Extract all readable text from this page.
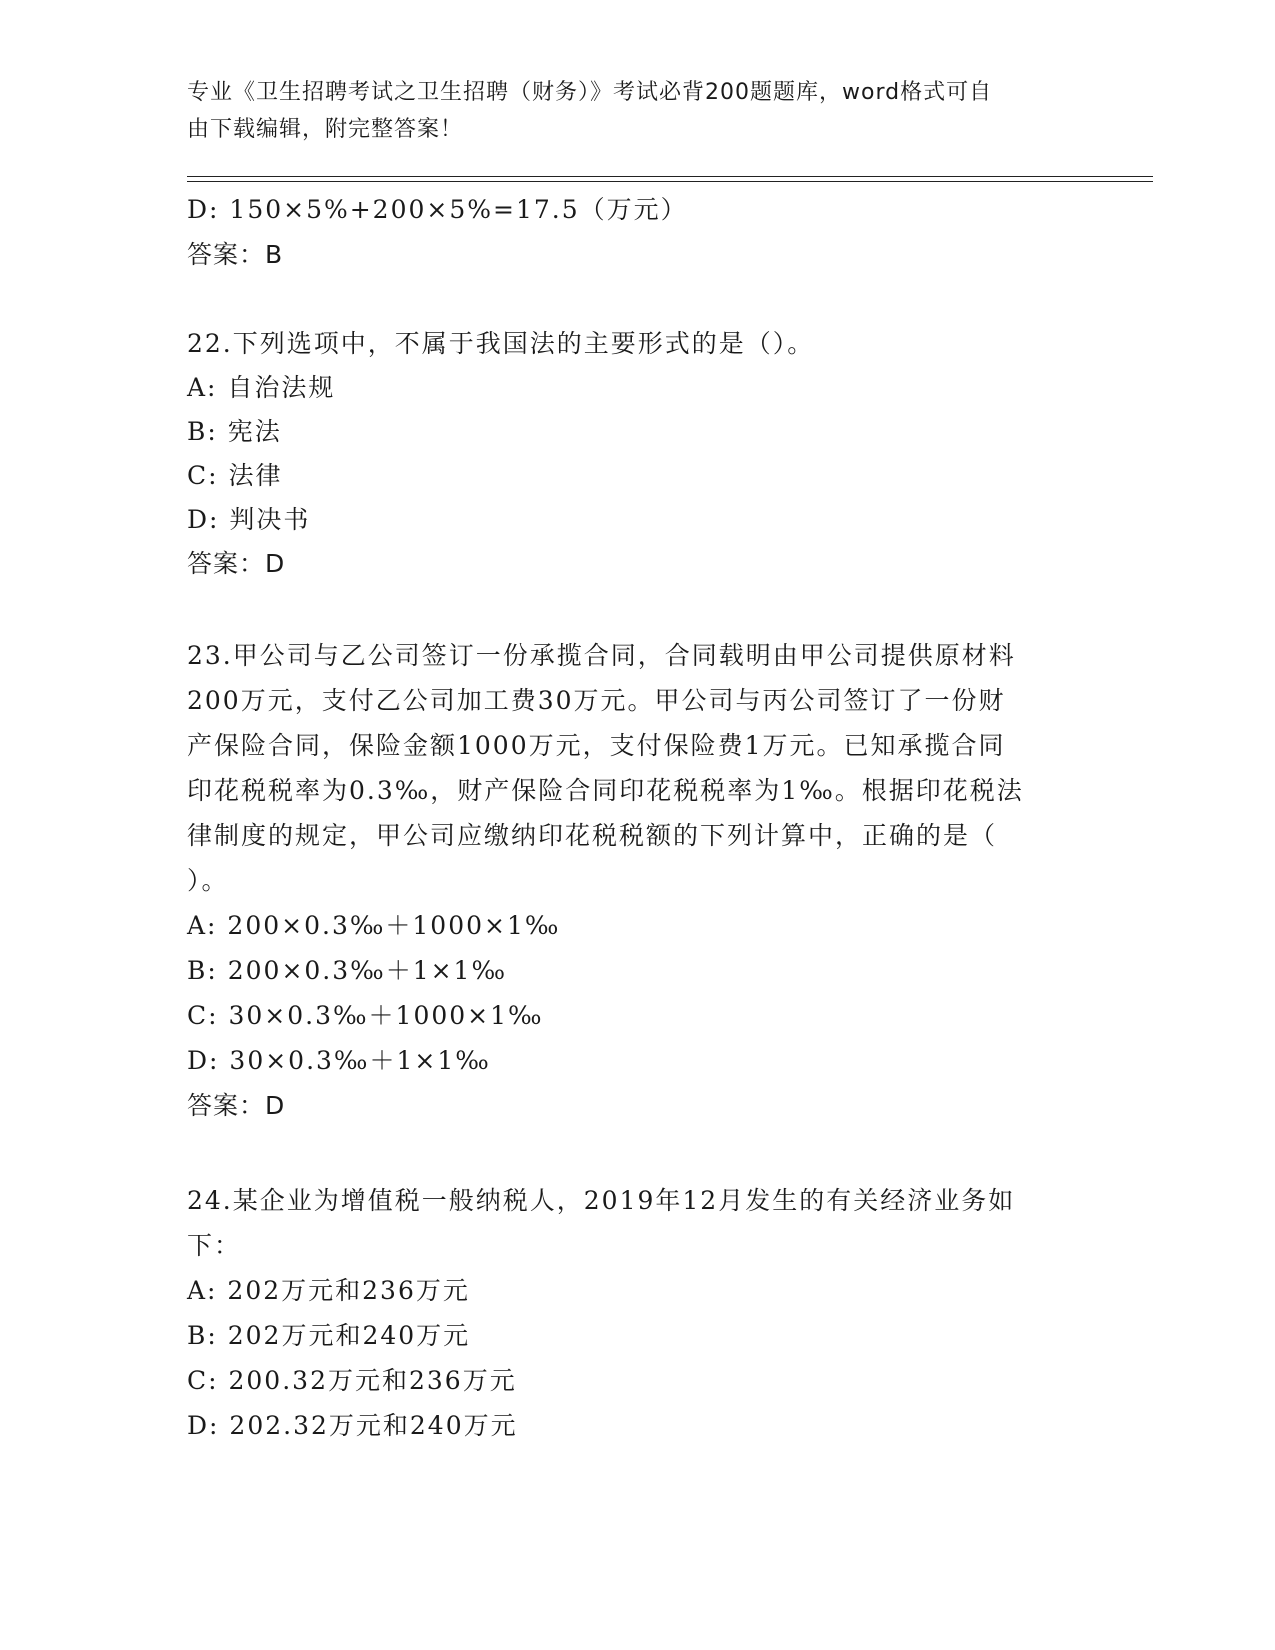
专业《卫生招聘考试之卫生招聘（财务）》考试必背200题题库，word格式可自
由下载编辑，附完整答案！
D: 150×5%+200×5%=17.5（万元）
答案：B
22.下列选项中，不属于我国法的主要形式的是（）。
A: 自治法规
B: 宪法
C: 法律
D: 判决书
答案：D
23.甲公司与乙公司签订一份承揽合同，合同载明由甲公司提供原材料
200万元，支付乙公司加工费30万元。甲公司与丙公司签订了一份财
产保险合同，保险金额1000万元，支付保险费1万元。已知承揽合同
印花税税率为0.3‰，财产保险合同印花税税率为1‰。根据印花税法
律制度的规定，甲公司应缴纳印花税税额的下列计算中，正确的是（
）。
A: 200×0.3‰＋1000×1‰
B: 200×0.3‰＋1×1‰
C: 30×0.3‰＋1000×1‰
D: 30×0.3‰＋1×1‰
答案：D
24.某企业为增值税一般纳税人，2019年12月发生的有关经济业务如
下：
A: 202万元和236万元
B: 202万元和240万元
C: 200.32万元和236万元
D: 202.32万元和240万元
